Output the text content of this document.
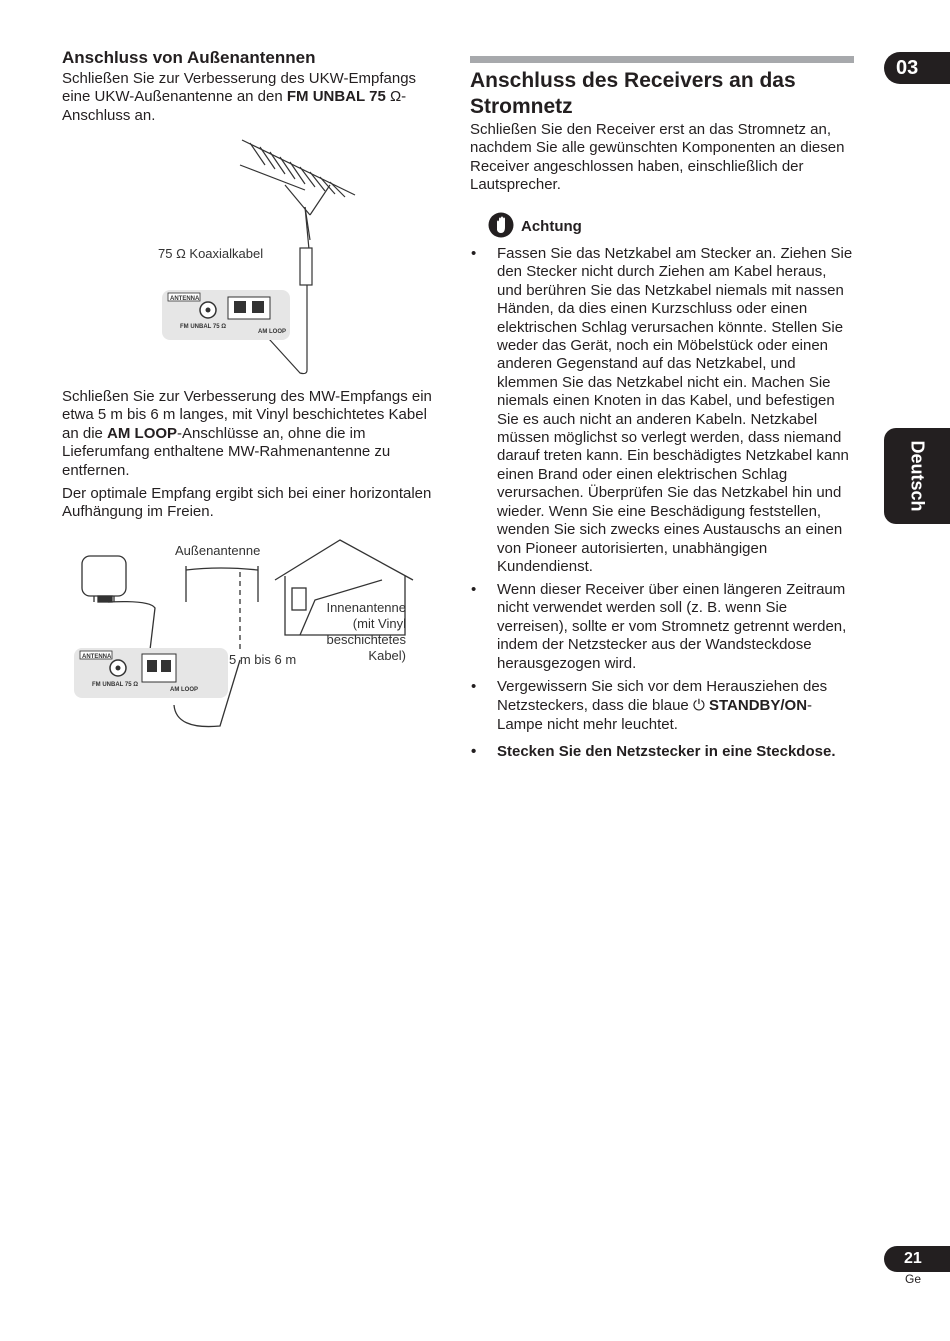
03
Deutsch
Anschluss von Außenantennen
Schließen Sie zur Verbesserung des UKW-Empfangs
eine UKW-Außenantenne an den FM UNBAL 75 Ω-
Anschluss an.
ANTENNA
FM UNBAL 75 Ω
AM LOOP
75 Ω Koaxialkabel
Schließen Sie zur Verbesserung des MW-Empfangs ein
etwa 5 m bis 6 m langes, mit Vinyl beschichtetes Kabel
an die AM LOOP-Anschlüsse an, ohne die im
Lieferumfang enthaltene MW-Rahmenantenne zu
entfernen.
Der optimale Empfang ergibt sich bei einer horizontalen
Aufhängung im Freien.
ANTENNA
FM UNBAL 75 Ω
AM LOOP
Außenantenne
Innenantenne
(mit Vinyl
beschichtetes
Kabel)
5 m bis 6 m
Anschluss des Receivers an das
Stromnetz
Schließen Sie den Receiver erst an das Stromnetz an,
nachdem Sie alle gewünschten Komponenten an diesen
Receiver angeschlossen haben, einschließlich der
Lautsprecher.
Achtung
• Fassen Sie das Netzkabel am Stecker an. Ziehen Sie
den Stecker nicht durch Ziehen am Kabel heraus,
und berühren Sie das Netzkabel niemals mit nassen
Händen, da dies einen Kurzschluss oder einen
elektrischen Schlag verursachen könnte. Stellen Sie
weder das Gerät, noch ein Möbelstück oder einen
anderen Gegenstand auf das Netzkabel, und
klemmen Sie das Netzkabel nicht ein. Machen Sie
niemals einen Knoten in das Kabel, und befestigen
Sie es auch nicht an anderen Kabeln. Netzkabel
müssen möglichst so verlegt werden, dass niemand
darauf treten kann. Ein beschädigtes Netzkabel kann
einen Brand oder einen elektrischen Schlag
verursachen. Überprüfen Sie das Netzkabel hin und
wieder. Wenn Sie eine Beschädigung feststellen,
wenden Sie sich zwecks eines Austauschs an einen
von Pioneer autorisierten, unabhängigen
Kundendienst.
• Wenn dieser Receiver über einen längeren Zeitraum
nicht verwendet werden soll (z. B. wenn Sie
verreisen), sollte er vom Stromnetz getrennt werden,
indem der Netzstecker aus der Wandsteckdose
herausgezogen wird.
• Vergewissern Sie sich vor dem Herausziehen des
Netzsteckers, dass die blaue ⏻ STANDBY/ON-
Lampe nicht mehr leuchtet.
• Stecken Sie den Netzstecker in eine Steckdose.
21
Ge
